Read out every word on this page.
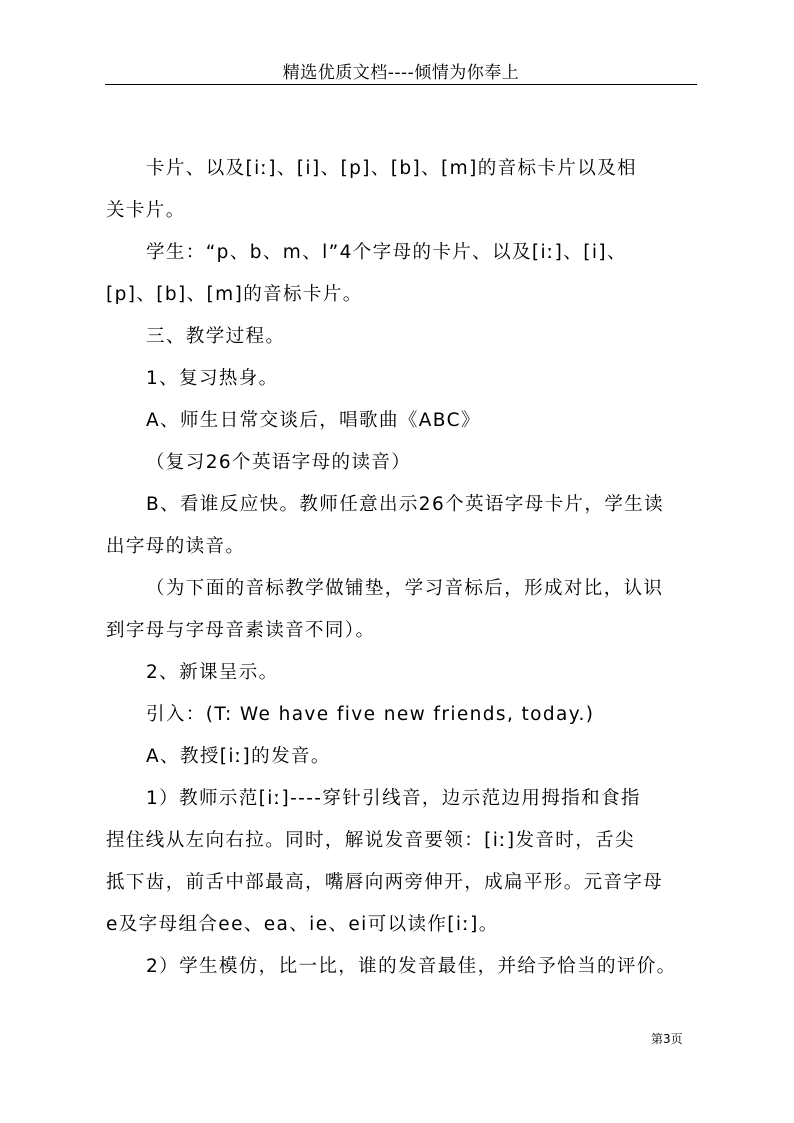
精选优质文档----倾情为你奉上
卡片、以及[iː]、[i]、[p]、[b]、[m]的音标卡片以及相
关卡片。
学生：“p、b、m、l”4个字母的卡片、以及[iː]、[i]、
[p]、[b]、[m]的音标卡片。
三、教学过程。
1、复习热身。
A、师生日常交谈后，唱歌曲《ABC》
（复习26个英语字母的读音）
B、看谁反应快。教师任意出示26个英语字母卡片，学生读
出字母的读音。
（为下面的音标教学做铺垫，学习音标后，形成对比，认识
到字母与字母音素读音不同）。
2、新课呈示。
引入：(T: We have five new friends, today.)
A、教授[iː]的发音。
1）教师示范[iː]----穿针引线音，边示范边用拇指和食指
捏住线从左向右拉。同时，解说发音要领：[iː]发音时，舌尖
抵下齿，前舌中部最高，嘴唇向两旁伸开，成扁平形。元音字母
e及字母组合ee、ea、ie、ei可以读作[iː]。
2）学生模仿，比一比，谁的发音最佳，并给予恰当的评价。
第3页
